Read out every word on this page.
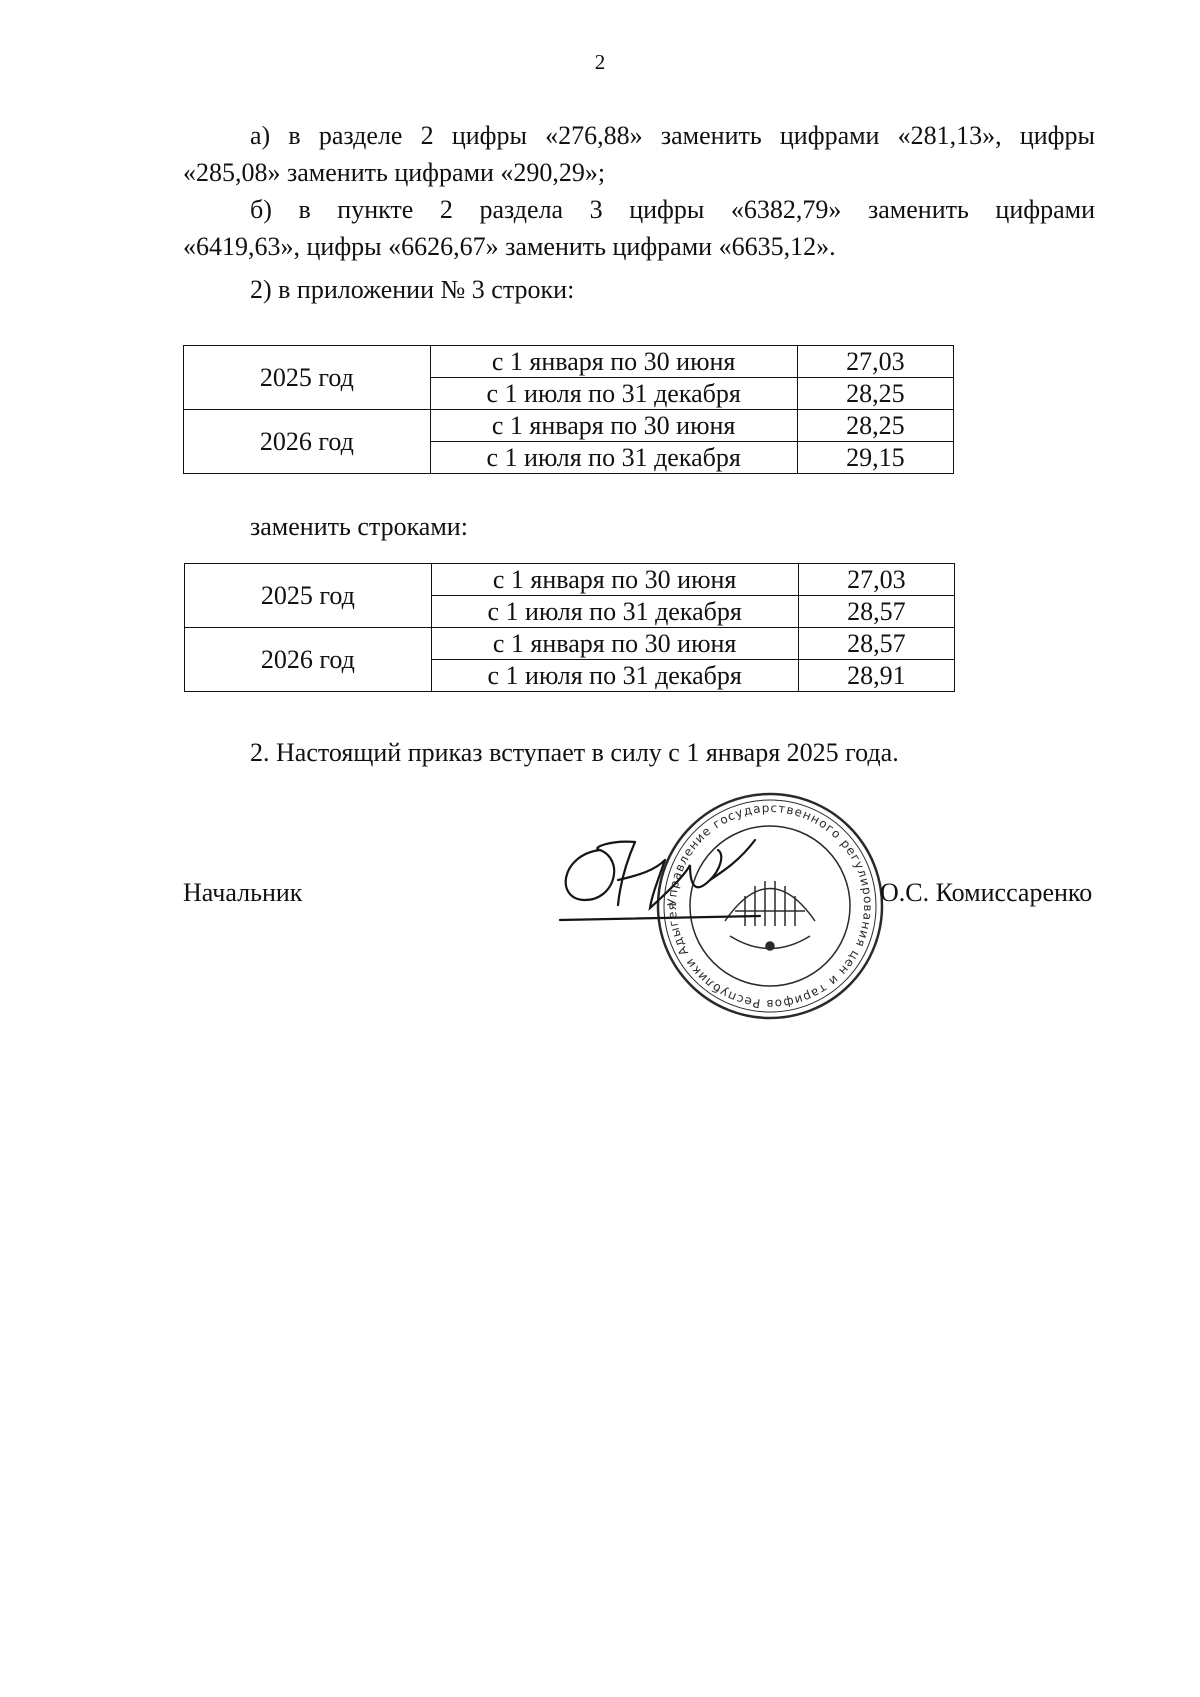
2
а) в разделе 2 цифры «276,88» заменить цифрами «281,13», цифры
«285,08» заменить цифрами «290,29»;
б) в пункте 2 раздела 3 цифры «6382,79» заменить цифрами
«6419,63», цифры «6626,67» заменить цифрами «6635,12».
2) в приложении № 3 строки:
2025 год	с 1 января по 30 июня	27,03
	с 1 июля по 31 декабря	28,25
2026 год	с 1 января по 30 июня	28,25
	с 1 июля по 31 декабря	29,15
заменить строками:
2025 год	с 1 января по 30 июня	27,03
	с 1 июля по 31 декабря	28,57
2026 год	с 1 января по 30 июня	28,57
	с 1 июля по 31 декабря	28,91
2. Настоящий приказ вступает в силу с 1 января 2025 года.
Управление государственного регулирования цен и тарифов Республики Адыгея
Начальник	О.С. Комиссаренко
